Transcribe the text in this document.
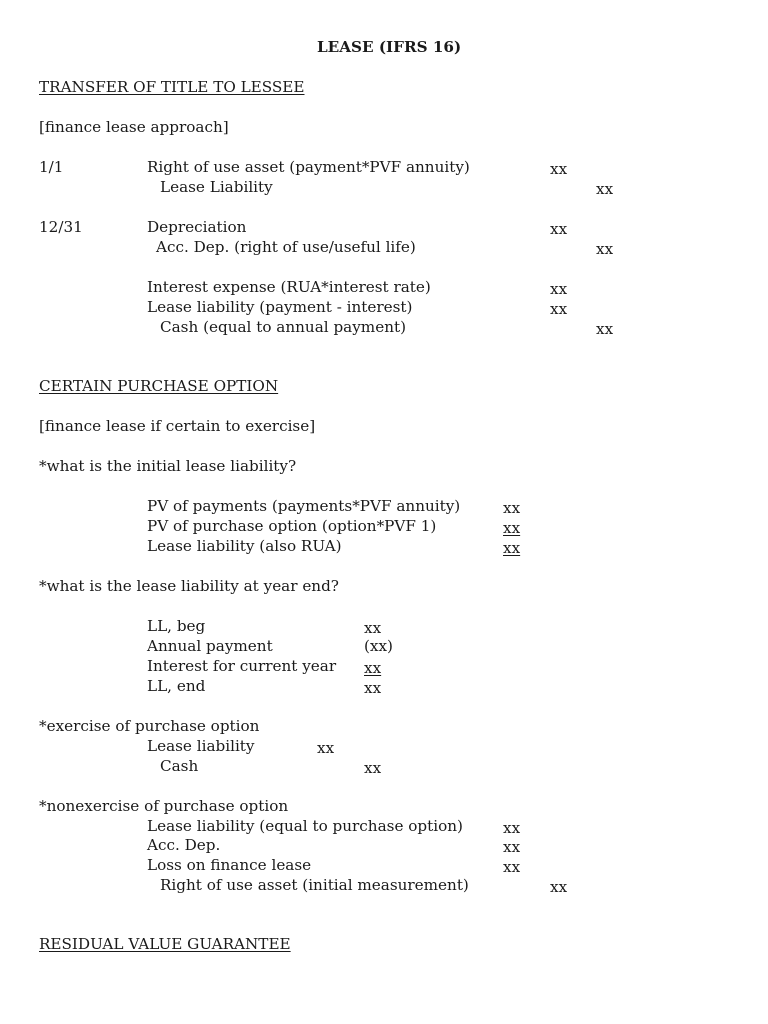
LEASE (IFRS 16)
TRANSFER OF TITLE TO LESSEE
[finance lease approach]
1/1	Right of use asset (payment*PVF annuity)	xx
Lease Liability	xx
12/31	Depreciation	xx
Acc. Dep. (right of use/useful life)	xx
Interest expense (RUA*interest rate)	xx
Lease liability (payment - interest)	xx
Cash (equal to annual payment)	xx
CERTAIN PURCHASE OPTION
[finance lease if certain to exercise]
*what is the initial lease liability?
PV of payments (payments*PVF annuity)	xx
PV of purchase option (option*PVF 1)	xx
Lease liability (also RUA)	xx
*what is the lease liability at year end?
LL, beg	xx
Annual payment	(xx)
Interest for current year xx
LL, end	xx
*exercise of purchase option
Lease liability	xx
Cash	xx
*nonexercise of purchase option
Lease liability (equal to purchase option)	xx
Acc. Dep.	xx
Loss on finance lease	xx
Right of use asset (initial measurement)	xx
RESIDUAL VALUE GUARANTEE
